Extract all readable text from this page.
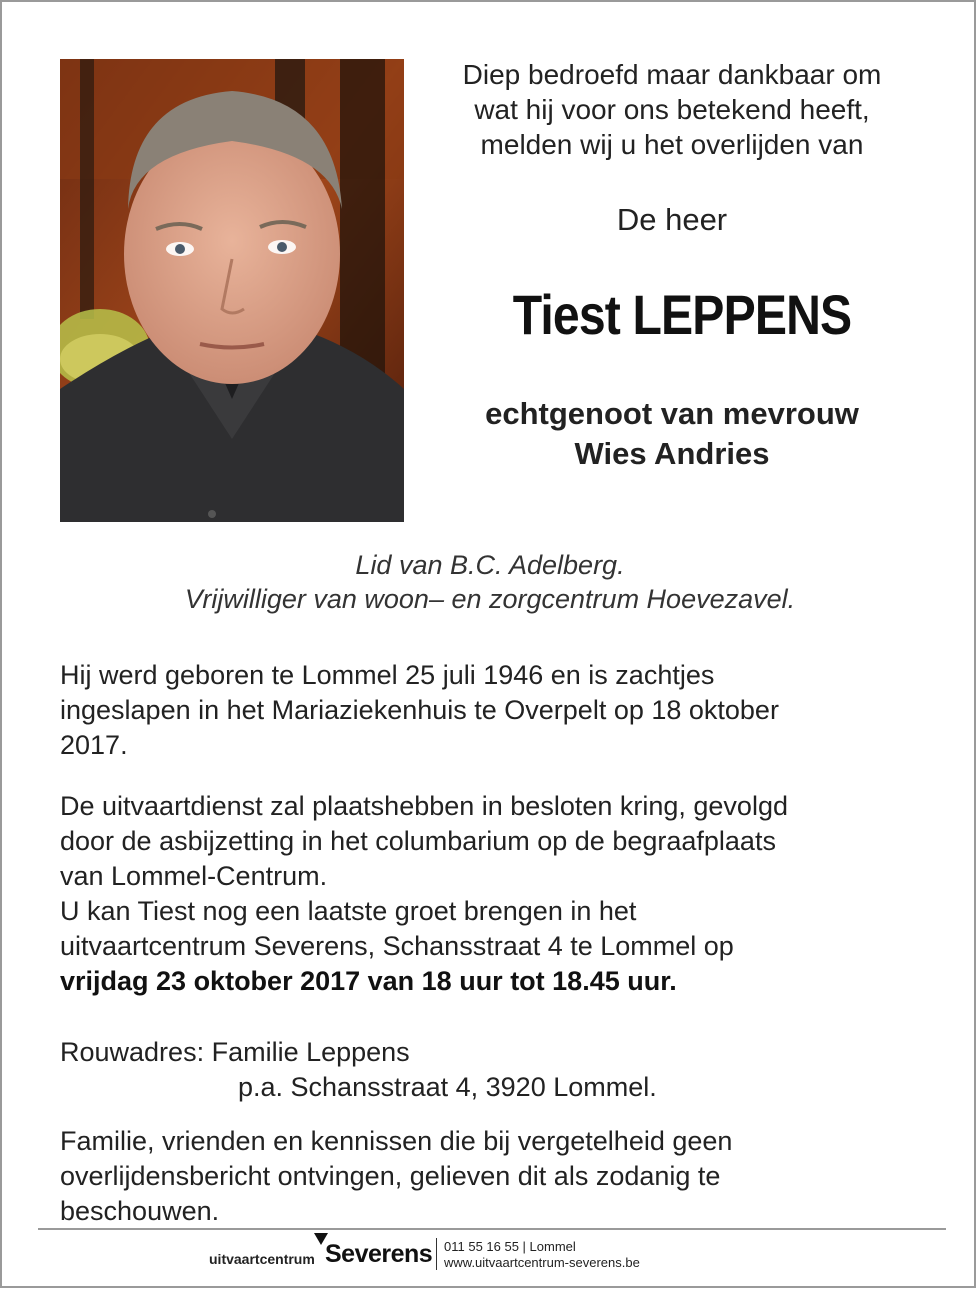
Diep bedroefd maar dankbaar om
wat hij voor ons betekend heeft,
melden wij u het overlijden van
De heer
Tiest LEPPENS
echtgenoot van mevrouw
Wies Andries
Lid van B.C. Adelberg.
Vrijwilliger van woon– en zorgcentrum Hoevezavel.
Hij werd geboren te Lommel 25 juli 1946 en is zachtjes
ingeslapen in het Mariaziekenhuis te Overpelt op 18 oktober
2017.
De uitvaartdienst zal plaatshebben in besloten kring, gevolgd
door de asbijzetting in het columbarium op de begraafplaats
van Lommel-Centrum.
U kan Tiest nog een laatste groet brengen in het
uitvaartcentrum Severens, Schansstraat 4 te Lommel op
vrijdag 23 oktober 2017 van 18 uur tot 18.45 uur.
Rouwadres: Familie Leppens
p.a. Schansstraat 4, 3920 Lommel.
Familie, vrienden en kennissen die bij vergetelheid geen
overlijdensbericht ontvingen, gelieven dit als zodanig te
beschouwen.
uitvaartcentrum Severens 011 55 16 55 | Lommel
www.uitvaartcentrum-severens.be
